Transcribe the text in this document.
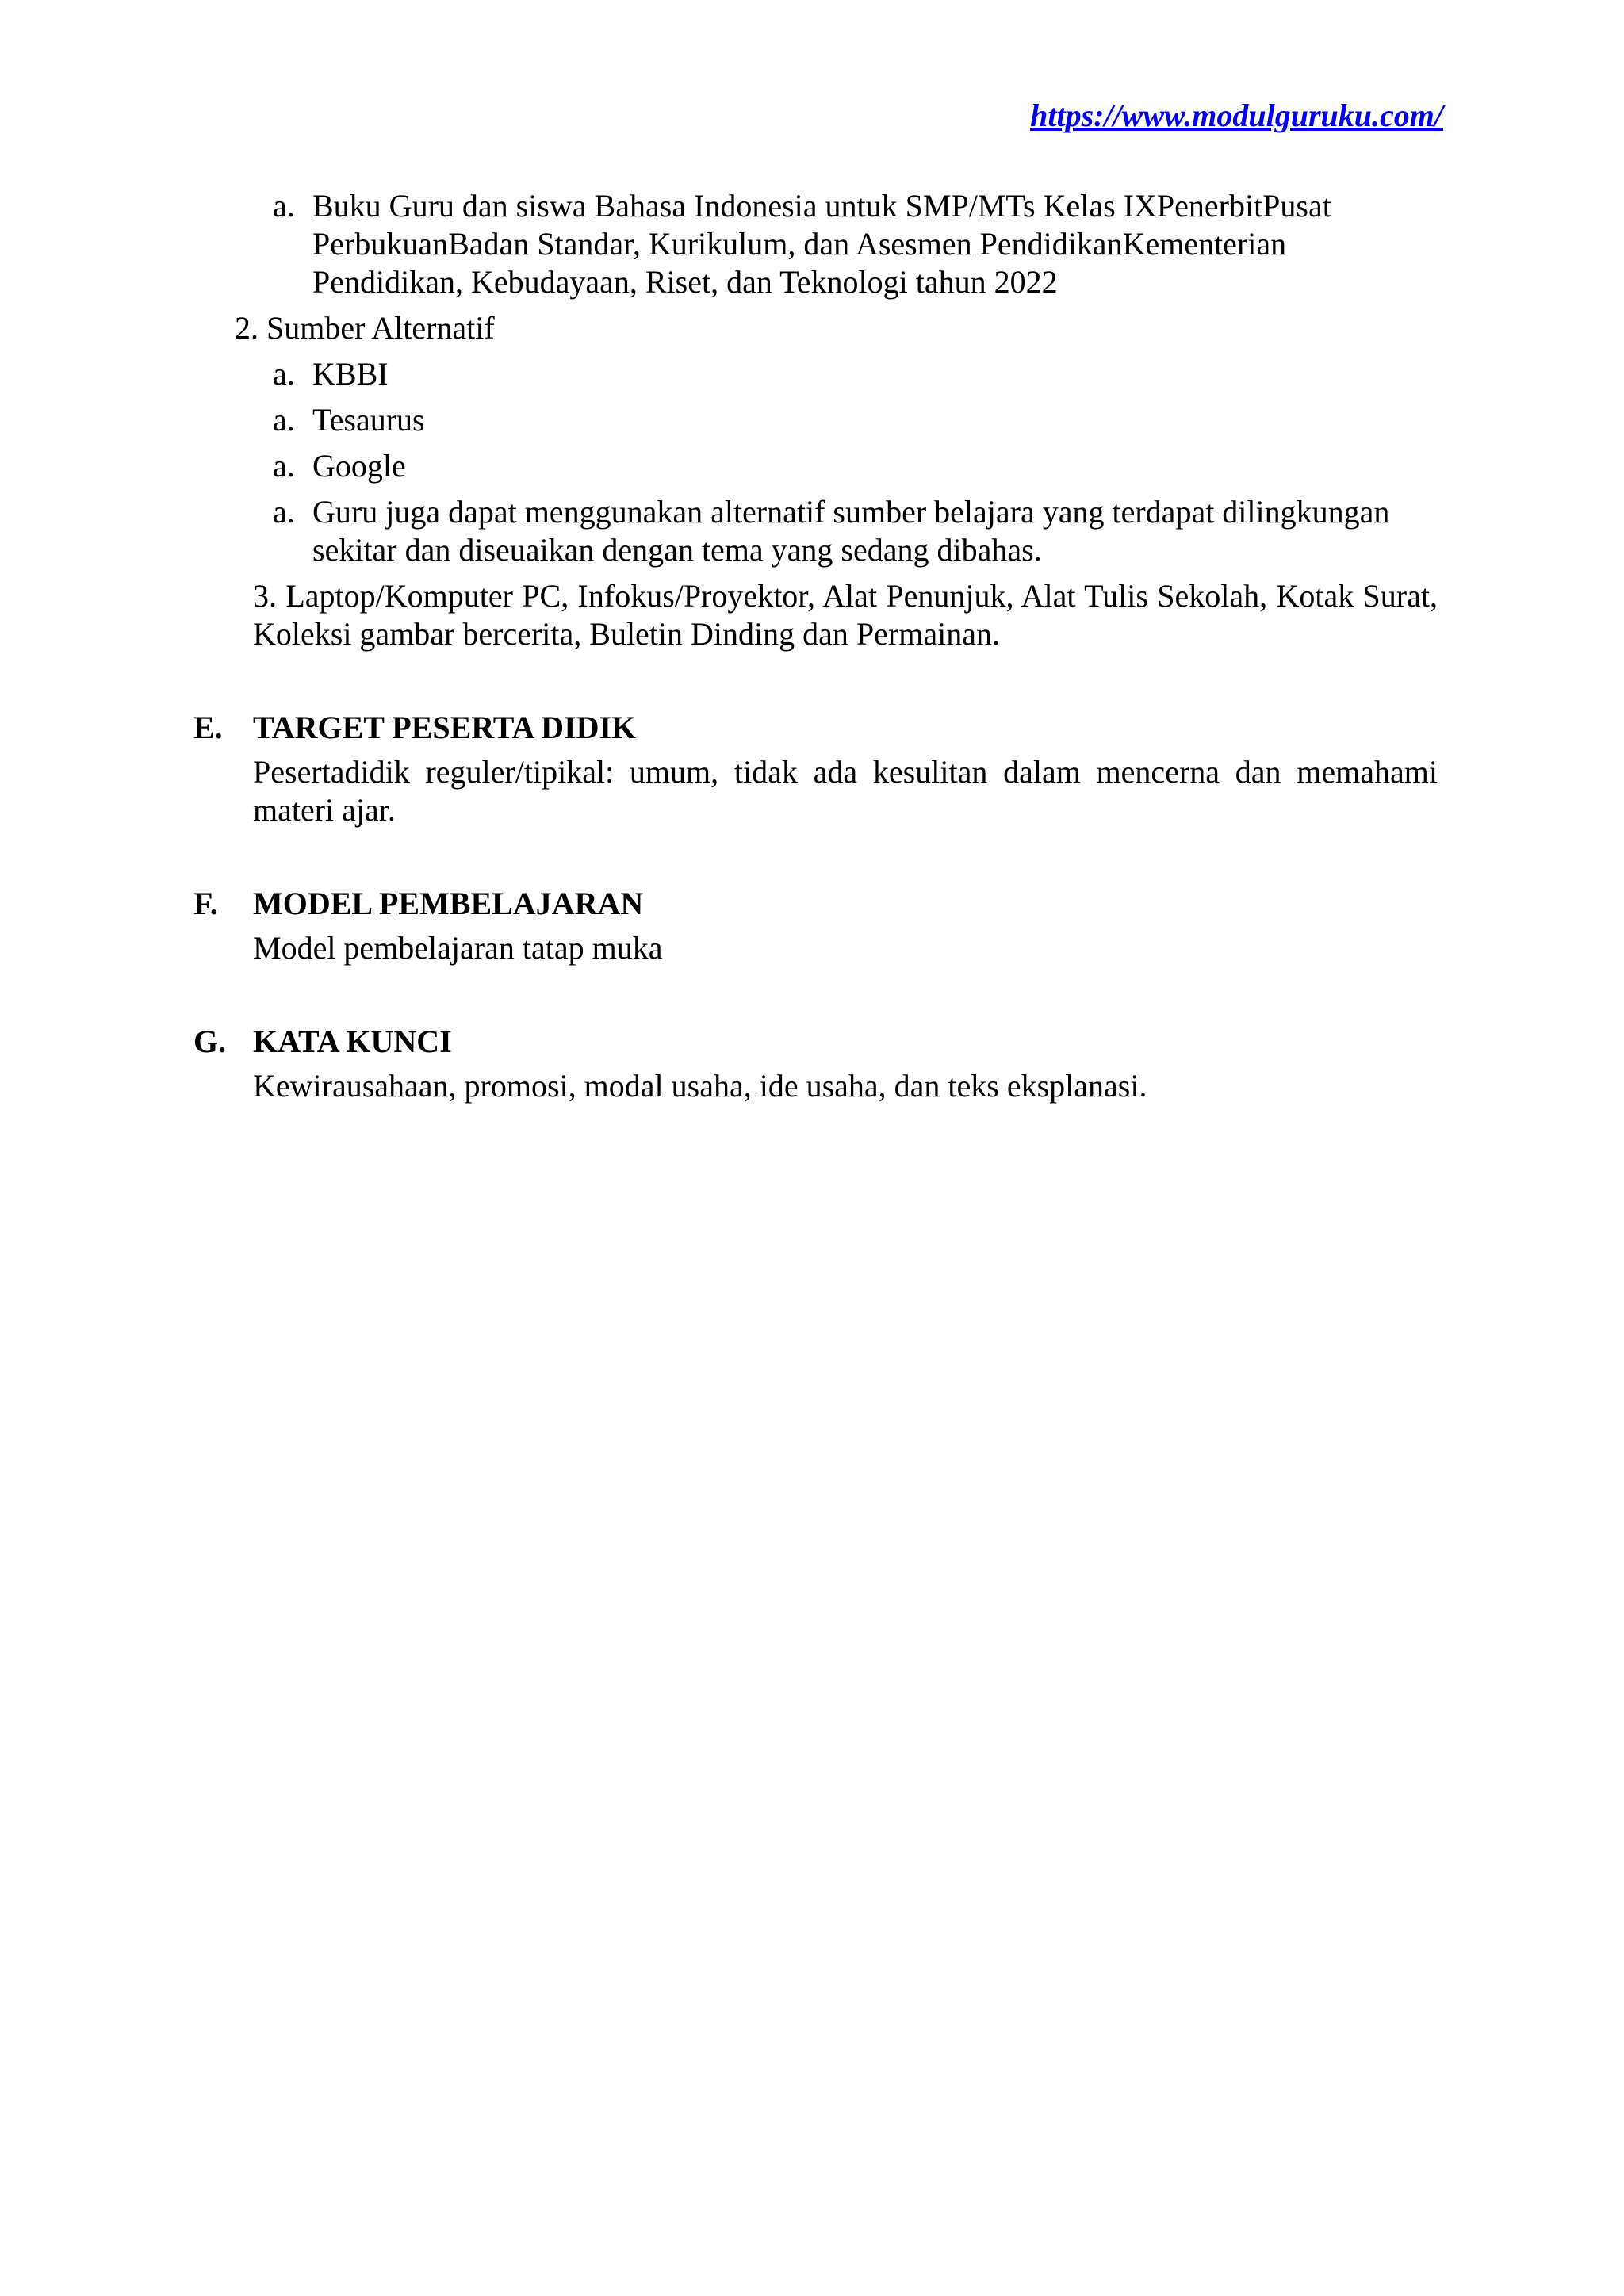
https://www.modulguruku.com/

a. Buku Guru dan siswa Bahasa Indonesia untuk SMP/MTs Kelas IXPenerbitPusat PerbukuanBadan Standar, Kurikulum, dan Asesmen PendidikanKementerian Pendidikan, Kebudayaan, Riset, dan Teknologi tahun 2022

2. Sumber Alternatif

a. KBBI

a. Tesaurus

a. Google

a. Guru juga dapat menggunakan alternatif sumber belajara yang terdapat dilingkungan sekitar dan diseuaikan dengan tema yang sedang dibahas.

3. Laptop/Komputer PC, Infokus/Proyektor, Alat Penunjuk, Alat Tulis Sekolah, Kotak Surat, Koleksi gambar bercerita, Buletin Dinding dan Permainan.

E. TARGET PESERTA DIDIK
Pesertadidik reguler/tipikal: umum, tidak ada kesulitan dalam mencerna dan memahami materi ajar.
F. MODEL PEMBELAJARAN
Model pembelajaran tatap muka
G. KATA KUNCI
Kewirausahaan, promosi, modal usaha, ide usaha, dan teks eksplanasi.
